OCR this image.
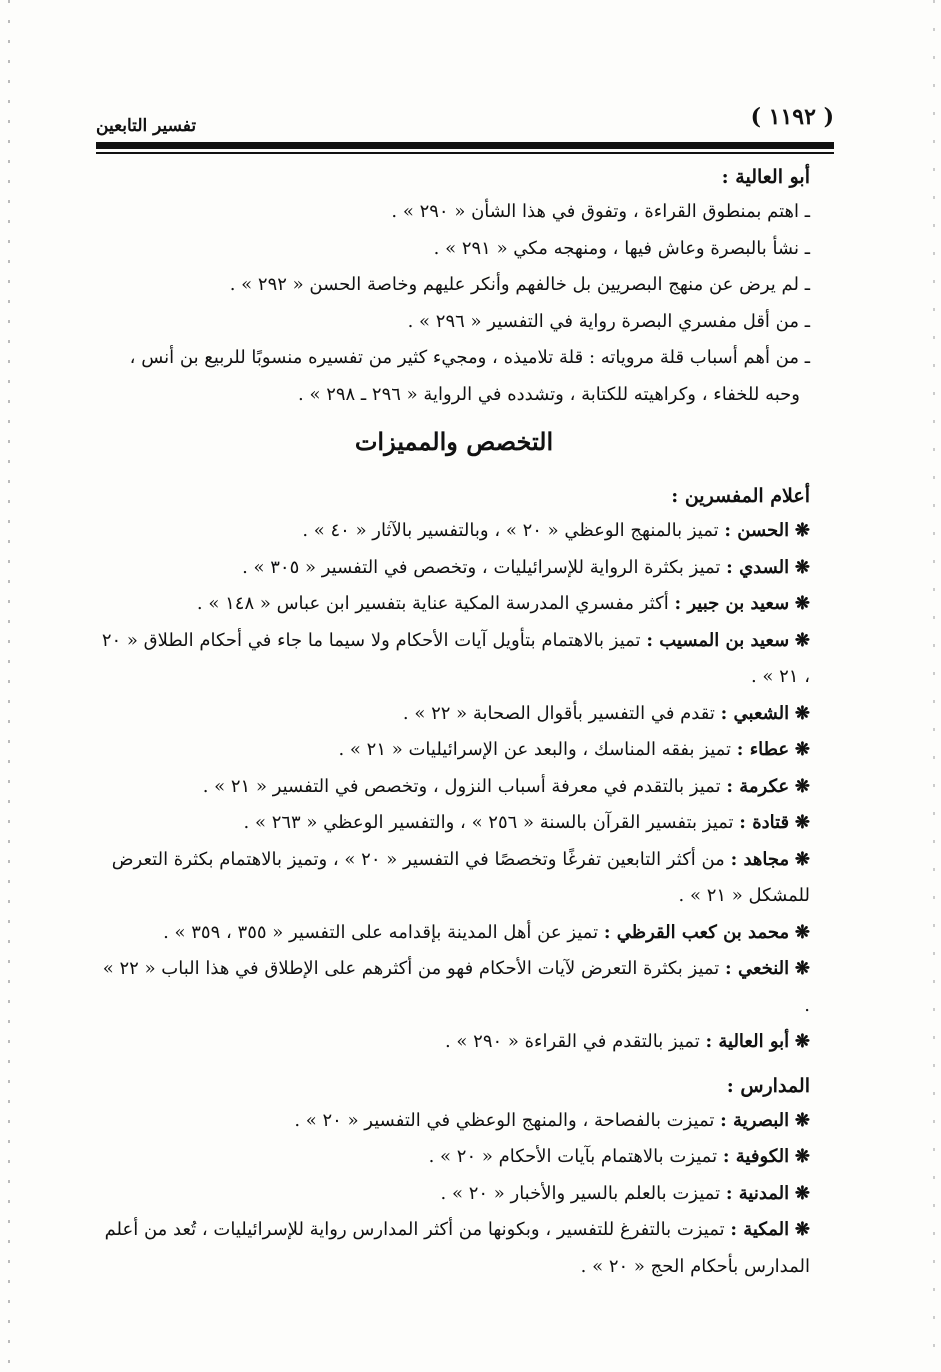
( ١١٩٢ )
تفسير التابعين
أبو العالية :
ـ اهتم بمنطوق القراءة ، وتفوق في هذا الشأن « ٢٩٠ » .
ـ نشأ بالبصرة وعاش فيها ، ومنهجه مكي « ٢٩١ » .
ـ لم يرض عن منهج البصريين بل خالفهم وأنكر عليهم وخاصة الحسن « ٢٩٢ » .
ـ من أقل مفسري البصرة رواية في التفسير « ٢٩٦ » .
ـ من أهم أسباب قلة مروياته : قلة تلاميذه ، ومجيء كثير من تفسيره منسوبًا للربيع بن أنس ، وحبه للخفاء ، وكراهيته للكتابة ، وتشدده في الرواية « ٢٩٦ ـ ٢٩٨ » .
التخصص والمميزات
أعلام المفسرين :
❋ الحسن : تميز بالمنهج الوعظي « ٢٠ » ، وبالتفسير بالآثار « ٤٠ » .
❋ السدي : تميز بكثرة الرواية للإسرائيليات ، وتخصص في التفسير « ٣٠٥ » .
❋ سعيد بن جبير : أكثر مفسري المدرسة المكية عناية بتفسير ابن عباس « ١٤٨ » .
❋ سعيد بن المسيب : تميز بالاهتمام بتأويل آيات الأحكام ولا سيما ما جاء في أحكام الطلاق « ٢٠ ، ٢١ » .
❋ الشعبي : تقدم في التفسير بأقوال الصحابة « ٢٢ » .
❋ عطاء : تميز بفقه المناسك ، والبعد عن الإسرائيليات « ٢١ » .
❋ عكرمة : تميز بالتقدم في معرفة أسباب النزول ، وتخصص في التفسير « ٢١ » .
❋ قتادة : تميز بتفسير القرآن بالسنة « ٢٥٦ » ، والتفسير الوعظي « ٢٦٣ » .
❋ مجاهد : من أكثر التابعين تفرغًا وتخصصًا في التفسير « ٢٠ » ، وتميز بالاهتمام بكثرة التعرض للمشكل « ٢١ » .
❋ محمد بن كعب القرظي : تميز عن أهل المدينة بإقدامه على التفسير « ٣٥٥ ، ٣٥٩ » .
❋ النخعي : تميز بكثرة التعرض لآيات الأحكام فهو من أكثرهم على الإطلاق في هذا الباب « ٢٢ » .
❋ أبو العالية : تميز بالتقدم في القراءة « ٢٩٠ » .
المدارس :
❋ البصرية : تميزت بالفصاحة ، والمنهج الوعظي في التفسير « ٢٠ » .
❋ الكوفية : تميزت بالاهتمام بآيات الأحكام « ٢٠ » .
❋ المدنية : تميزت بالعلم بالسير والأخبار « ٢٠ » .
❋ المكية : تميزت بالتفرغ للتفسير ، وبكونها من أكثر المدارس رواية للإسرائيليات ، تُعد من أعلم المدارس بأحكام الحج « ٢٠ » .
